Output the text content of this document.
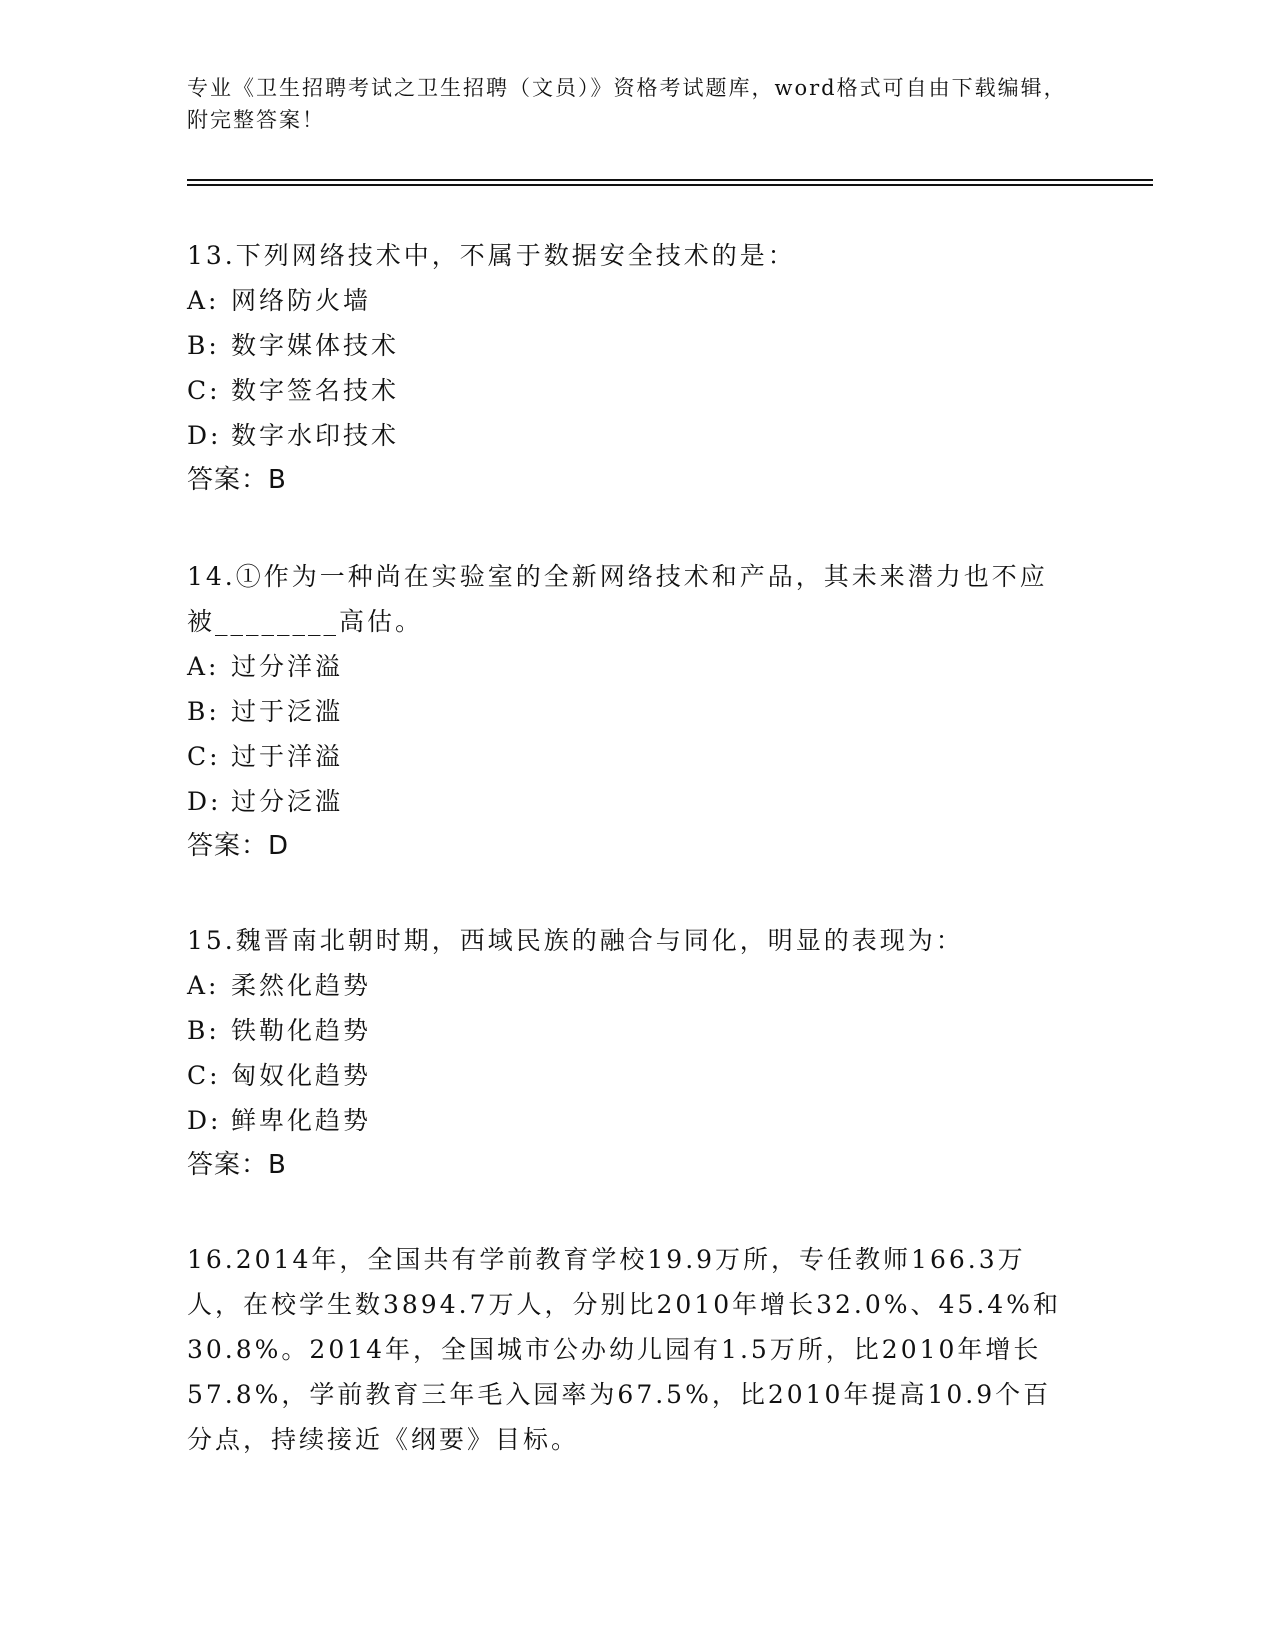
专业《卫生招聘考试之卫生招聘（文员）》资格考试题库，word格式可自由下载编辑，附完整答案！

13.下列网络技术中，不属于数据安全技术的是：

A: 网络防火墙

B: 数字媒体技术

C: 数字签名技术

D: 数字水印技术

答案：B

14.①作为一种尚在实验室的全新网络技术和产品，其未来潜力也不应被________高估。

A: 过分洋溢

B: 过于泛滥

C: 过于洋溢

D: 过分泛滥

答案：D

15.魏晋南北朝时期，西域民族的融合与同化，明显的表现为：

A: 柔然化趋势

B: 铁勒化趋势

C: 匈奴化趋势

D: 鲜卑化趋势

答案：B

16.2014年，全国共有学前教育学校19.9万所，专任教师166.3万人，在校学生数3894.7万人，分别比2010年增长32.0%、45.4%和30.8%。2014年，全国城市公办幼儿园有1.5万所，比2010年增长57.8%，学前教育三年毛入园率为67.5%，比2010年提高10.9个百分点，持续接近《纲要》目标。
